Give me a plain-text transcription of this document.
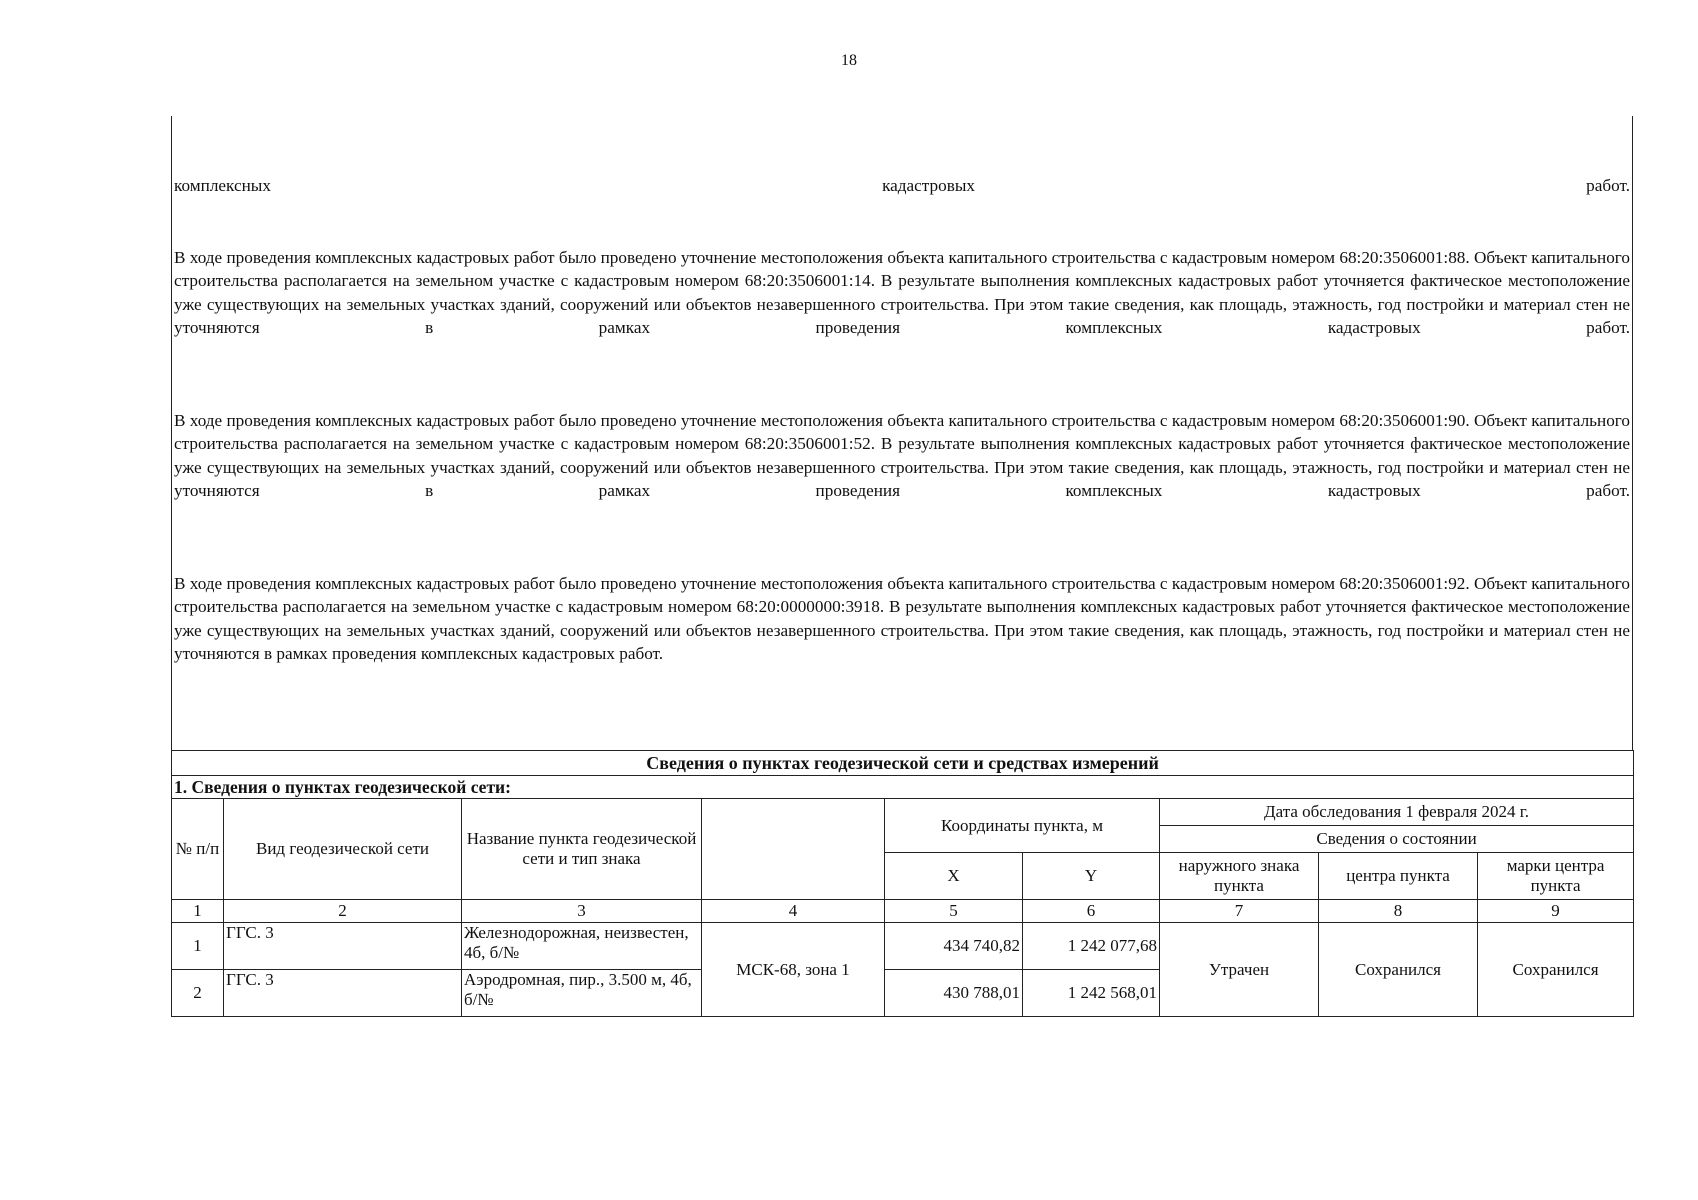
18
комплексных кадастровых работ.
В ходе проведения комплексных кадастровых работ было проведено уточнение местоположения объекта капитального строительства с кадастровым номером 68:20:3506001:88. Объект капитального строительства располагается на земельном участке с кадастровым номером 68:20:3506001:14. В результате выполнения комплексных кадастровых работ уточняется фактическое местоположение уже существующих на земельных участках зданий, сооружений или объектов незавершенного строительства. При этом такие сведения, как площадь, этажность, год постройки и материал стен не уточняются в рамках проведения комплексных кадастровых работ.
В ходе проведения комплексных кадастровых работ было проведено уточнение местоположения объекта капитального строительства с кадастровым номером 68:20:3506001:90. Объект капитального строительства располагается на земельном участке с кадастровым номером 68:20:3506001:52. В результате выполнения комплексных кадастровых работ уточняется фактическое местоположение уже существующих на земельных участках зданий, сооружений или объектов незавершенного строительства. При этом такие сведения, как площадь, этажность, год постройки и материал стен не уточняются в рамках проведения комплексных кадастровых работ.
В ходе проведения комплексных кадастровых работ было проведено уточнение местоположения объекта капитального строительства с кадастровым номером 68:20:3506001:92. Объект капитального строительства располагается на земельном участке с кадастровым номером 68:20:0000000:3918. В результате выполнения комплексных кадастровых работ уточняется фактическое местоположение уже существующих на земельных участках зданий, сооружений или объектов незавершенного строительства. При этом такие сведения, как площадь, этажность, год постройки и материал стен не уточняются в рамках проведения комплексных кадастровых работ.
Сведения о пунктах геодезической сети и средствах измерений								
1. Сведения о пунктах геодезической сети:								
№ п/п	Вид геодезической сети	Название пункта геодезической сети и тип знака		Координаты пункта, м		Дата обследования 1 февраля 2024 г.		
						Сведения о состоянии		
				X	Y	наружного знака пункта	центра пункта	марки центра пункта
1	2	3	4	5	6	7	8	9
1	ГГС. 3	Железнодорожная, неизвестен, 4б, б/№	МСК-68, зона 1	434 740,82	1 242 077,68	Утрачен	Сохранился	Сохранился
2	ГГС. 3	Аэродромная, пир., 3.500 м, 4б, б/№		430 788,01	1 242 568,01			
